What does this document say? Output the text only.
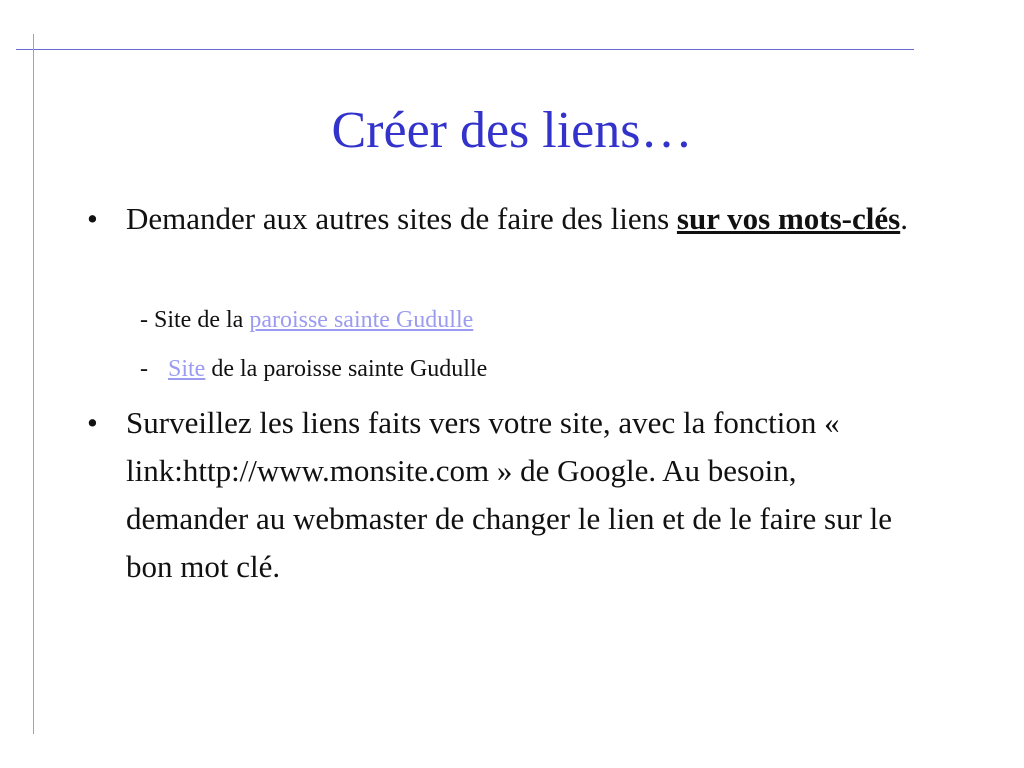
Créer des liens…
• Demander aux autres sites de faire des liens sur vos mots-clés.
- Site de la paroisse sainte Gudulle
- Site de la paroisse sainte Gudulle
• Surveillez les liens faits vers votre site, avec la fonction « link:http://www.monsite.com » de Google. Au besoin, demander au webmaster de changer le lien et de le faire sur le bon mot clé.
